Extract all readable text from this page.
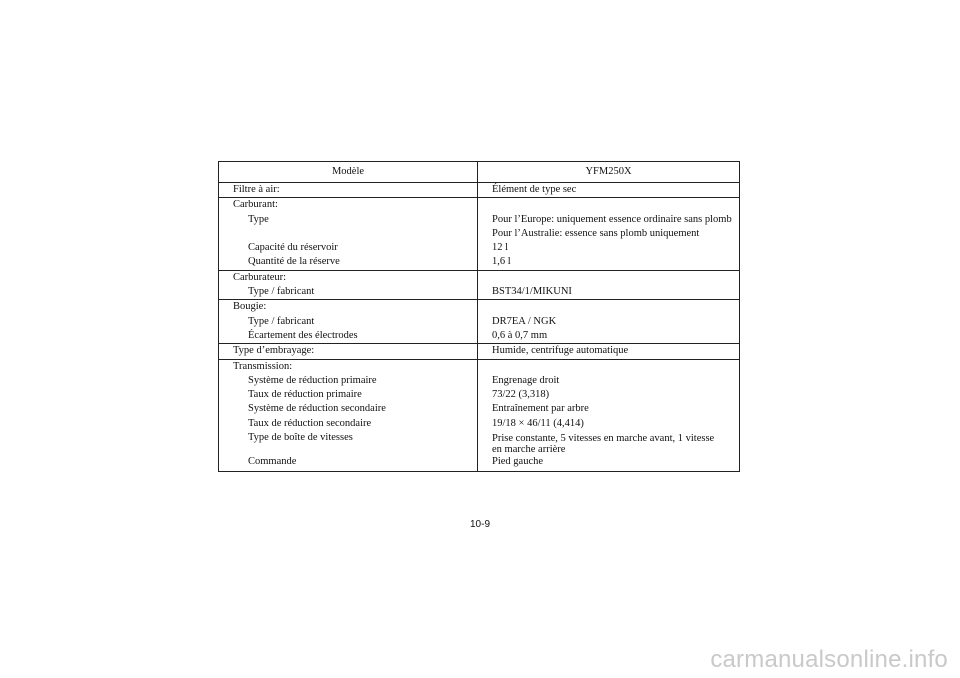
Modèle	YFM250X
Filtre à air:	Élément de type sec
Carburant:	
Type	Pour l’Europe: uniquement essence ordinaire sans plomb
	Pour l’Australie: essence sans plomb uniquement
Capacité du réservoir	12 l
Quantité de la réserve	1,6 l
Carburateur:	
Type / fabricant	BST34/1/MIKUNI
Bougie:	
Type / fabricant	DR7EA / NGK
Écartement des électrodes	0,6 à 0,7 mm
Type d’embrayage:	Humide, centrifuge automatique
Transmission:	
Système de réduction primaire	Engrenage droit
Taux de réduction primaire	73/22 (3,318)
Système de réduction secondaire	Entraînement par arbre
Taux de réduction secondaire	19/18 × 46/11 (4,414)
Type de boîte de vitesses	Prise constante, 5 vitesses en marche avant, 1 vitesse en marche arrière
Commande	Pied gauche
10-9
carmanualsonline.info
